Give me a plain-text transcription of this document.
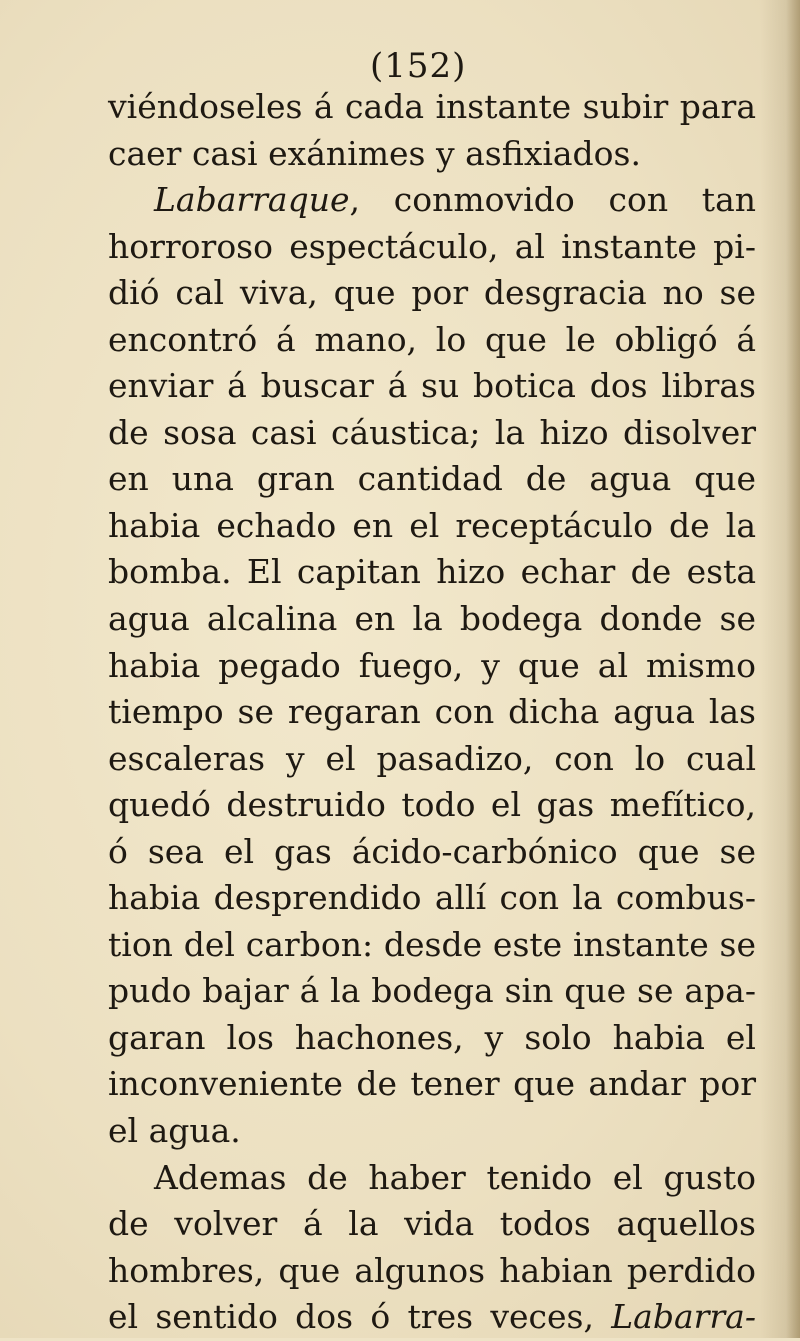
(152)
viéndoseles á cada instante subir para
caer casi exánimes y asfixiados.
Labarraque, conmovido con tan
horroroso espectáculo, al instante pi-
dió cal viva, que por desgracia no se
encontró á mano, lo que le obligó á
enviar á buscar á su botica dos libras
de sosa casi cáustica; la hizo disolver
en una gran cantidad de agua que
habia echado en el receptáculo de la
bomba. El capitan hizo echar de esta
agua alcalina en la bodega donde se
habia pegado fuego, y que al mismo
tiempo se regaran con dicha agua las
escaleras y el pasadizo, con lo cual
quedó destruido todo el gas mefítico,
ó sea el gas ácido-carbónico que se
habia desprendido allí con la combus-
tion del carbon: desde este instante se
pudo bajar á la bodega sin que se apa-
garan los hachones, y solo habia el
inconveniente de tener que andar por
el agua.
Ademas de haber tenido el gusto
de volver á la vida todos aquellos
hombres, que algunos habian perdido
el sentido dos ó tres veces, Labarra-
